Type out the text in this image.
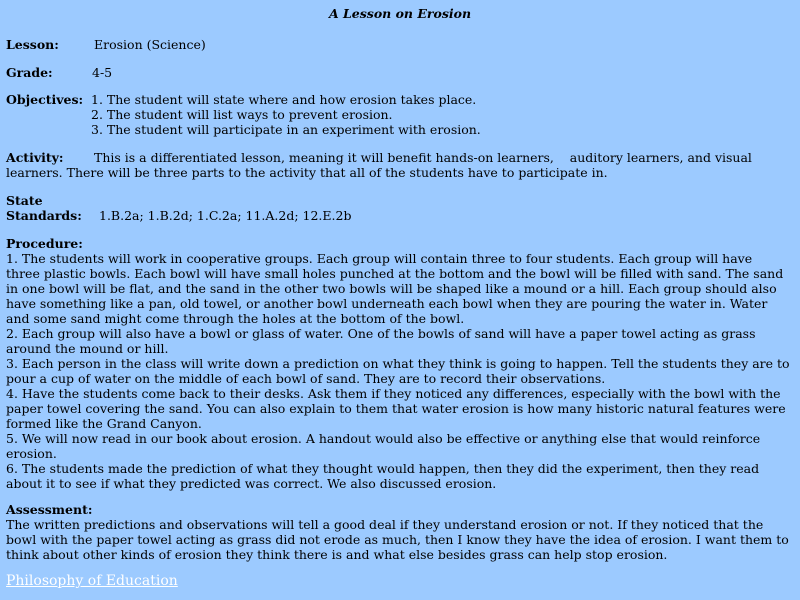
A Lesson on Erosion
Lesson:	Erosion (Science)
Grade:	4-5
Objectives: 1. The student will state where and how erosion takes place.
2. The student will list ways to prevent erosion.
3. The student will participate in an experiment with erosion.
Activity: This is a differentiated lesson, meaning it will benefit hands-on learners,    auditory learners, and visual
learners. There will be three parts to the activity that all of the students have to participate in.
State
Standards: 1.B.2a; 1.B.2d; 1.C.2a; 11.A.2d; 12.E.2b
Procedure:
1. The students will work in cooperative groups. Each group will contain three to four students. Each group will have
three plastic bowls. Each bowl will have small holes punched at the bottom and the bowl will be filled with sand. The sand
in one bowl will be flat, and the sand in the other two bowls will be shaped like a mound or a hill. Each group should also
have something like a pan, old towel, or another bowl underneath each bowl when they are pouring the water in. Water
and some sand might come through the holes at the bottom of the bowl.
2. Each group will also have a bowl or glass of water. One of the bowls of sand will have a paper towel acting as grass
around the mound or hill.
3. Each person in the class will write down a prediction on what they think is going to happen. Tell the students they are to
pour a cup of water on the middle of each bowl of sand. They are to record their observations.
4. Have the students come back to their desks. Ask them if they noticed any differences, especially with the bowl with the
paper towel covering the sand. You can also explain to them that water erosion is how many historic natural features were
formed like the Grand Canyon.
5. We will now read in our book about erosion. A handout would also be effective or anything else that would reinforce
erosion.
6. The students made the prediction of what they thought would happen, then they did the experiment, then they read
about it to see if what they predicted was correct. We also discussed erosion.
Assessment:
The written predictions and observations will tell a good deal if they understand erosion or not. If they noticed that the
bowl with the paper towel acting as grass did not erode as much, then I know they have the idea of erosion. I want them to
think about other kinds of erosion they think there is and what else besides grass can help stop erosion.
Philosophy of Education
